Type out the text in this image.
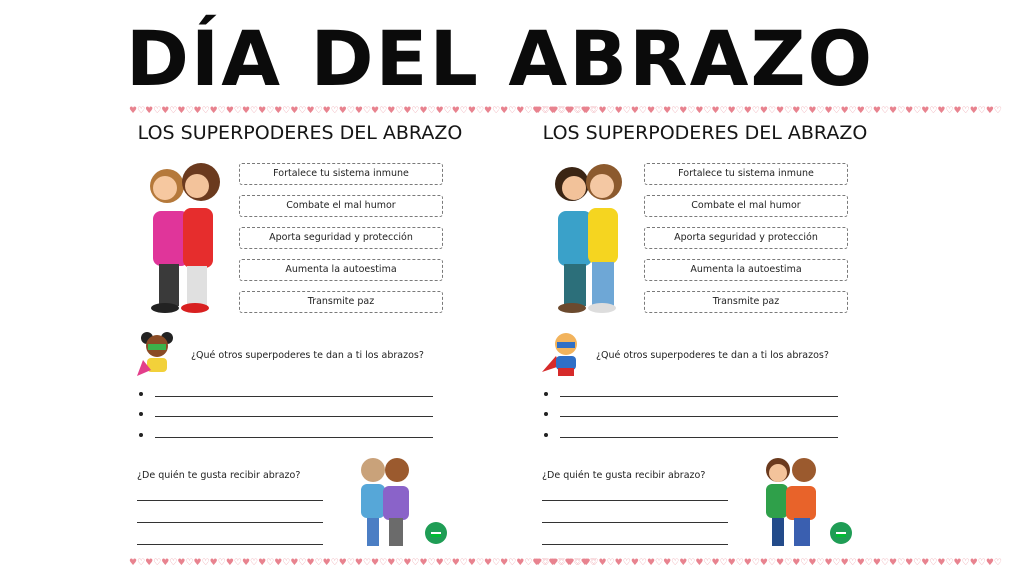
DÍA DEL ABRAZO
♥♡♥♡♥♡♥♡♥♡♥♡♥♡♥♡♥♡♥♡♥♡♥♡♥♡♥♡♥♡♥♡♥♡♥♡♥♡♥♡♥♡♥♡♥♡♥♡♥♡♥♡♥♡♥♡♥♡
LOS SUPERPODERES DEL ABRAZO
Fortalece tu sistema inmune
Combate el mal humor
Aporta seguridad y protección
Aumenta la autoestima
Transmite paz
¿Qué otros superpoderes te dan a ti los abrazos?
¿De quién te gusta recibir abrazo?
♥♡♥♡♥♡♥♡♥♡♥♡♥♡♥♡♥♡♥♡♥♡♥♡♥♡♥♡♥♡♥♡♥♡♥♡♥♡♥♡♥♡♥♡♥♡♥♡♥♡♥♡♥♡♥♡♥♡
♥♡♥♡♥♡♥♡♥♡♥♡♥♡♥♡♥♡♥♡♥♡♥♡♥♡♥♡♥♡♥♡♥♡♥♡♥♡♥♡♥♡♥♡♥♡♥♡♥♡♥♡♥♡♥♡♥♡
LOS SUPERPODERES DEL ABRAZO
Fortalece tu sistema inmune
Combate el mal humor
Aporta seguridad y protección
Aumenta la autoestima
Transmite paz
¿Qué otros superpoderes te dan a ti los abrazos?
¿De quién te gusta recibir abrazo?
♥♡♥♡♥♡♥♡♥♡♥♡♥♡♥♡♥♡♥♡♥♡♥♡♥♡♥♡♥♡♥♡♥♡♥♡♥♡♥♡♥♡♥♡♥♡♥♡♥♡♥♡♥♡♥♡♥♡
